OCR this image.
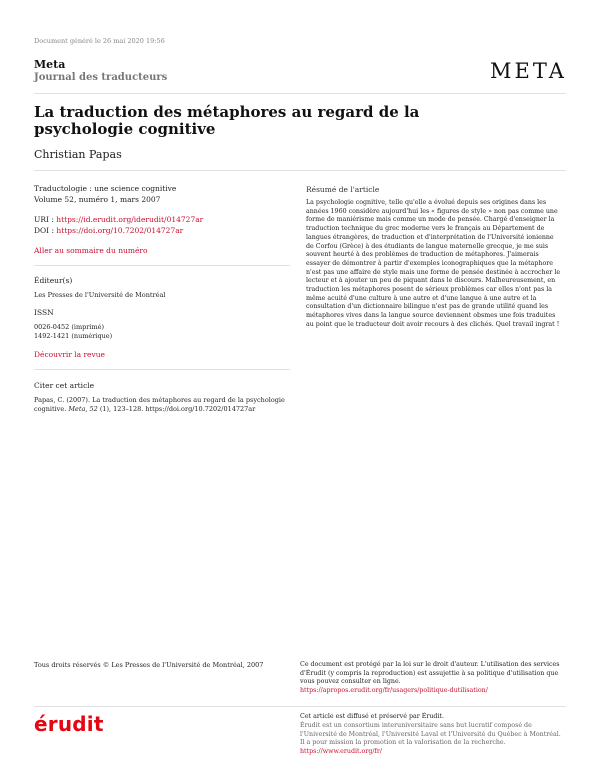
Document généré le 26 mai 2020 19:56
Meta
Journal des traducteurs	META
La traduction des métaphores au regard de la psychologie cognitive
Christian Papas
Traductologie : une science cognitive
Volume 52, numéro 1, mars 2007
URI : https://id.erudit.org/iderudit/014727ar
DOI : https://doi.org/10.7202/014727ar
Aller au sommaire du numéro
Éditeur(s)
Les Presses de l'Université de Montréal
ISSN
0026-0452 (imprimé)
1492-1421 (numérique)
Découvrir la revue
Citer cet article
Papas, C. (2007). La traduction des métaphores au regard de la psychologie
cognitive. Meta, 52 (1), 123–128. https://doi.org/10.7202/014727ar
Résumé de l'article
La psychologie cognitive, telle qu'elle a évolué depuis ses origines dans les années 1960 considère aujourd'hui les « figures de style » non pas comme une forme de maniérisme mais comme un mode de pensée. Chargé d'enseigner la traduction technique du grec moderne vers le français au Département de langues étrangères, de traduction et d'interprétation de l'Université ionienne de Corfou (Grèce) à des étudiants de langue maternelle grecque, je me suis souvent heurté à des problèmes de traduction de métaphores. J'aimerais essayer de démontrer à partir d'exemples iconographiques que la métaphore n'est pas une affaire de style mais une forme de pensée destinée à accrocher le lecteur et à ajouter un peu de piquant dans le discours. Malheureusement, en traduction les métaphores posent de sérieux problèmes car elles n'ont pas la même acuité d'une culture à une autre et d'une langue à une autre et la consultation d'un dictionnaire bilingue n'est pas de grande utilité quand les métaphores vives dans la langue source deviennent obsmes une fois traduites au point que le traducteur doit avoir recours à des clichés. Quel travail ingrat !
Tous droits réservés © Les Presses de l'Université de Montréal, 2007	Ce document est protégé par la loi sur le droit d'auteur. L'utilisation des services d'Érudit (y compris la reproduction) est assujettie à sa politique d'utilisation que vous pouvez consulter en ligne.
https://apropos.erudit.org/fr/usagers/politique-dutilisation/
érudit	Cet article est diffusé et préservé par Érudit.
Érudit est un consortium interuniversitaire sans but lucratif composé de l'Université de Montréal, l'Université Laval et l'Université du Québec à Montréal. Il a pour mission la promotion et la valorisation de la recherche.
https://www.erudit.org/fr/
